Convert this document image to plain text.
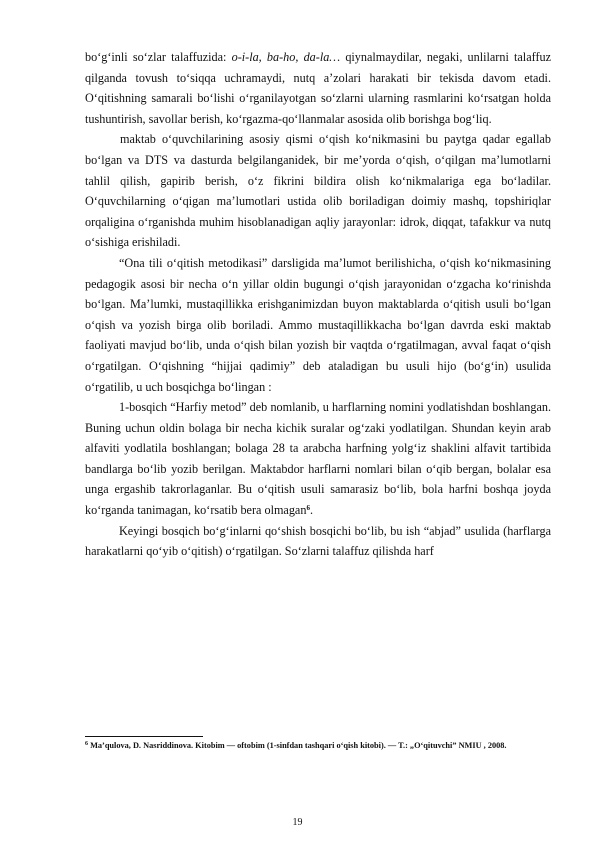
bo‘g‘inli so‘zlar talaffuzida: o-i-la, ba-ho, da-la… qiynalmaydilar, negaki, unlilarni talaffuz qilganda tovush to‘siqqa uchramaydi, nutq a’zolari harakati bir tekisda davom etadi. O‘qitishning samarali bo‘lishi o‘rganilayotgan so‘zlarni ularning rasmlarini ko‘rsatgan holda tushuntirish, savollar berish, ko‘rgazma-qo‘llanmalar asosida olib borishga bog‘liq.

maktab o‘quvchilarining asosiy qismi o‘qish ko‘nikmasini bu paytga qadar egallab bo‘lgan va DTS va dasturda belgilanganidek, bir me’yorda o‘qish, o‘qilgan ma’lumotlarni tahlil qilish, gapirib berish, o‘z fikrini bildira olish ko‘nikmalariga ega bo‘ladilar. O‘quvchilarning o‘qigan ma’lumotlari ustida olib boriladigan doimiy mashq, topshiriqlar orqaligina o‘rganishda muhim hisoblanadigan aqliy jarayonlar: idrok, diqqat, tafakkur va nutq o‘sishiga erishiladi.

“Ona tili o‘qitish metodikasi” darsligida ma’lumot berilishicha, o‘qish ko‘nikmasining pedagogik asosi bir necha o‘n yillar oldin bugungi o‘qish jarayonidan o‘zgacha ko‘rinishda bo‘lgan. Ma’lumki, mustaqillikka erishganimizdan buyon maktablarda o‘qitish usuli bo‘lgan o‘qish va yozish birga olib boriladi. Ammo mustaqillikkacha bo‘lgan davrda eski maktab faoliyati mavjud bo‘lib, unda o‘qish bilan yozish bir vaqtda o‘rgatilmagan, avval faqat o‘qish o‘rgatilgan. O‘qishning “hijjai qadimiy” deb ataladigan bu usuli hijo (bo‘g‘in) usulida o‘rgatilib, u uch bosqichga bo‘lingan :

1-bosqich “Harfiy metod” deb nomlanib, u harflarning nomini yodlatishdan boshlangan. Buning uchun oldin bolaga bir necha kichik suralar og‘zaki yodlatilgan. Shundan keyin arab alfaviti yodlatila boshlangan; bolaga 28 ta arabcha harfning yolg‘iz shaklini alfavit tartibida bandlarga bo‘lib yozib berilgan. Maktabdor harflarni nomlari bilan o‘qib bergan, bolalar esa unga ergashib takrorlaganlar. Bu o‘qitish usuli samarasiz bo‘lib, bola harfni boshqa joyda ko‘rganda tanimagan, ko‘rsatib bera olmagan$^6$.

Keyingi bosqich bo‘g‘inlarni qo‘shish bosqichi bo‘lib, bu ish “abjad” usulida (harflarga harakatlarni qo‘yib o‘qitish) o‘rgatilgan. So‘zlarni talaffuz qilishda harf

$^6$ Ma’qulova, D. Nasriddinova. Kitobim — oftobim (1-sinfdan tashqari o‘qish kitobi). — T.: „O‘qituvchi” NMIU , 2008.
19
